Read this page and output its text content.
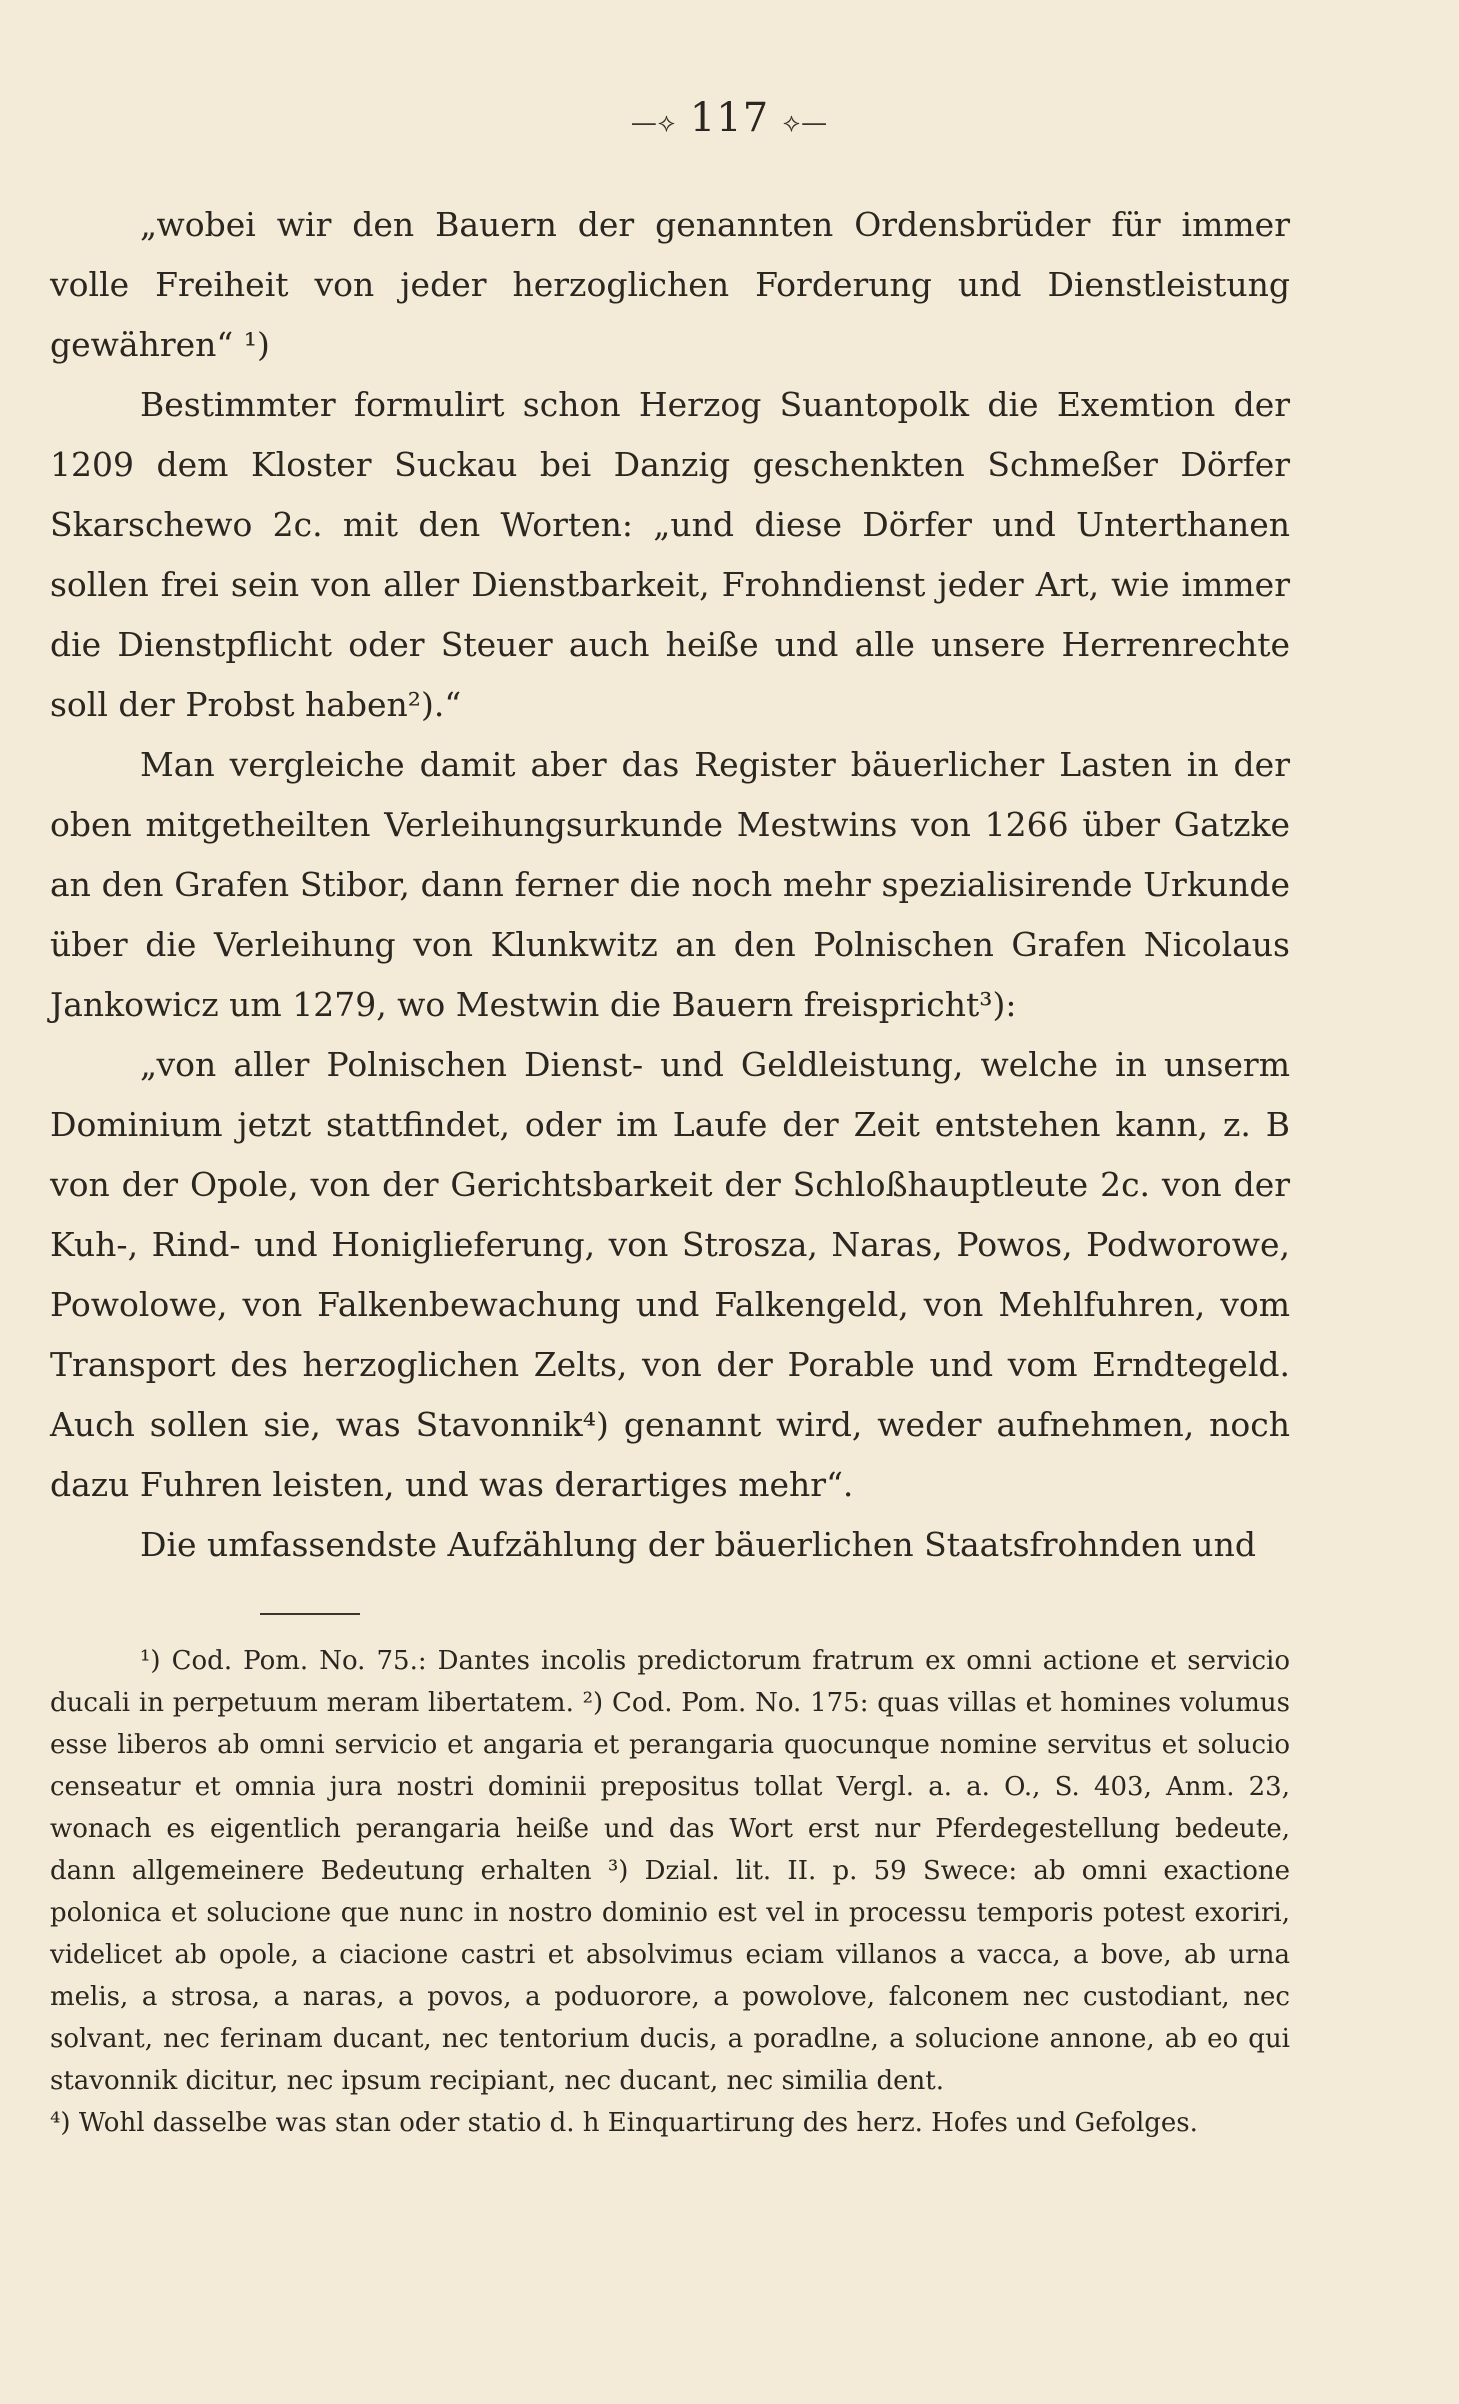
—⟡ 117 ⟡—

„wobei wir den Bauern der genannten Ordensbrüder für immer volle Freiheit von jeder herzoglichen Forderung und Dienstleistung gewähren“ ¹)

Bestimmter formulirt schon Herzog Suantopolk die Exemtion der 1209 dem Kloster Suckau bei Danzig geschenkten Schmeßer Dörfer Skarschewo 2c. mit den Worten: „und diese Dörfer und Unterthanen sollen frei sein von aller Dienstbarkeit, Frohndienst jeder Art, wie immer die Dienstpflicht oder Steuer auch heiße und alle unsere Herrenrechte soll der Probst haben²).“

Man vergleiche damit aber das Register bäuerlicher Lasten in der oben mitgetheilten Verleihungsurkunde Mestwins von 1266 über Gatzke an den Grafen Stibor, dann ferner die noch mehr spezialisirende Urkunde über die Verleihung von Klunkwitz an den Polnischen Grafen Nicolaus Jankowicz um 1279, wo Mestwin die Bauern freispricht³):

„von aller Polnischen Dienst- und Geldleistung, welche in unserm Dominium jetzt stattfindet, oder im Laufe der Zeit entstehen kann, z. B von der Opole, von der Gerichtsbarkeit der Schloßhauptleute 2c. von der Kuh-, Rind- und Honiglieferung, von Strosza, Naras, Powos, Podworowe, Powolowe, von Falkenbewachung und Falkengeld, von Mehlfuhren, vom Transport des herzoglichen Zelts, von der Porable und vom Erndtegeld. Auch sollen sie, was Stavonnik⁴) genannt wird, weder aufnehmen, noch dazu Fuhren leisten, und was derartiges mehr“.

Die umfassendste Aufzählung der bäuerlichen Staatsfrohnden und

¹) Cod. Pom. No. 75.: Dantes incolis predictorum fratrum ex omni actione et servicio ducali in perpetuum meram libertatem. ²) Cod. Pom. No. 175: quas villas et homines volumus esse liberos ab omni servicio et angaria et perangaria quocunque nomine servitus et solucio censeatur et omnia jura nostri dominii prepositus tollat Vergl. a. a. O., S. 403, Anm. 23, wonach es eigentlich perangaria heiße und das Wort erst nur Pferdegestellung bedeute, dann allgemeinere Bedeutung erhalten ³) Dzial. lit. II. p. 59 Swece: ab omni exactione polonica et solucione que nunc in nostro dominio est vel in processu temporis potest exoriri, videlicet ab opole, a ciacione castri et absolvimus eciam villanos a vacca, a bove, ab urna melis, a strosa, a naras, a povos, a poduorore, a powolove, falconem nec custodiant, nec solvant, nec ferinam ducant, nec tentorium ducis, a poradlne, a solucione annone, ab eo qui stavonnik dicitur, nec ipsum recipiant, nec ducant, nec similia dent.

⁴) Wohl dasselbe was stan oder statio d. h Einquartirung des herz. Hofes und Gefolges.
